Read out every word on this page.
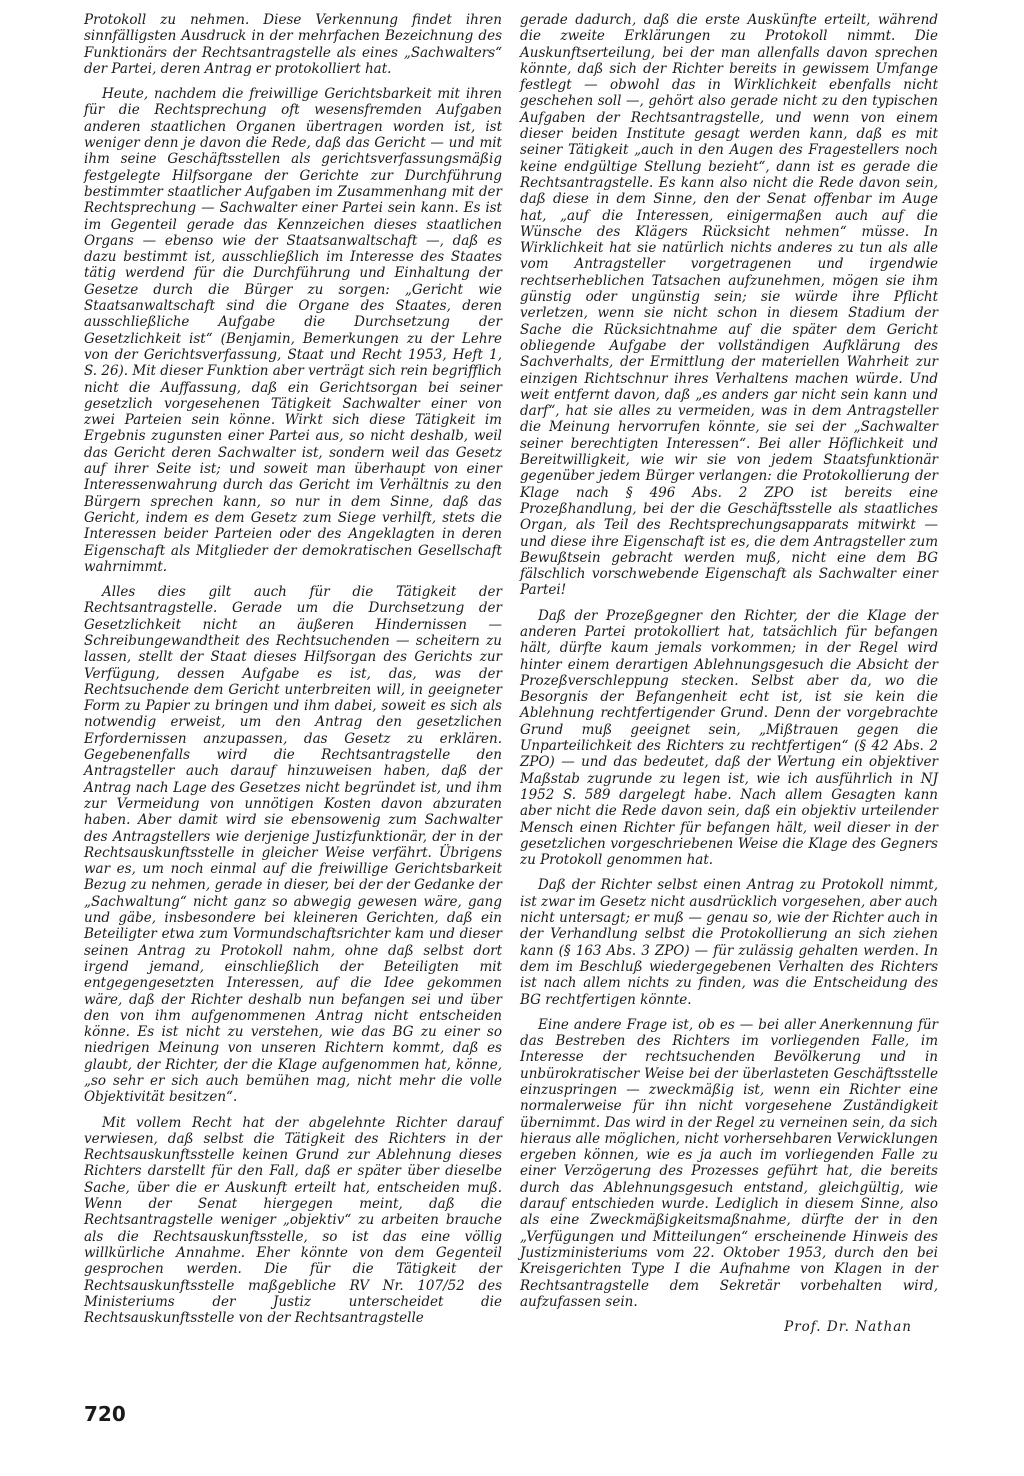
Protokoll zu nehmen. Diese Verkennung findet ihren sinnfälligsten Ausdruck in der mehrfachen Bezeichnung des Funktionärs der Rechtsantragstelle als eines „Sachwalters“ der Partei, deren Antrag er protokolliert hat.

Heute, nachdem die freiwillige Gerichtsbarkeit mit ihren für die Rechtsprechung oft wesensfremden Aufgaben anderen staatlichen Organen übertragen worden ist, ist weniger denn je davon die Rede, daß das Gericht — und mit ihm seine Geschäftsstellen als gerichtsverfassungsmäßig festgelegte Hilfsorgane der Gerichte zur Durchführung bestimmter staatlicher Aufgaben im Zusammenhang mit der Rechtsprechung — Sachwalter einer Partei sein kann. Es ist im Gegenteil gerade das Kennzeichen dieses staatlichen Organs — ebenso wie der Staatsanwaltschaft —, daß es dazu bestimmt ist, ausschließlich im Interesse des Staates tätig werdend für die Durchführung und Einhaltung der Gesetze durch die Bürger zu sorgen: „Gericht wie Staatsanwaltschaft sind die Organe des Staates, deren ausschließliche Aufgabe die Durchsetzung der Gesetzlichkeit ist“ (Benjamin, Bemerkungen zu der Lehre von der Gerichtsverfassung, Staat und Recht 1953, Heft 1, S. 26). Mit dieser Funktion aber verträgt sich rein begrifflich nicht die Auffassung, daß ein Gerichtsorgan bei seiner gesetzlich vorgesehenen Tätigkeit Sachwalter einer von zwei Parteien sein könne. Wirkt sich diese Tätigkeit im Ergebnis zugunsten einer Partei aus, so nicht deshalb, weil das Gericht deren Sachwalter ist, sondern weil das Gesetz auf ihrer Seite ist; und soweit man überhaupt von einer Interessenwahrung durch das Gericht im Verhältnis zu den Bürgern sprechen kann, so nur in dem Sinne, daß das Gericht, indem es dem Gesetz zum Siege verhilft, stets die Interessen beider Parteien oder des Angeklagten in deren Eigenschaft als Mitglieder der demokratischen Gesellschaft wahrnimmt.

Alles dies gilt auch für die Tätigkeit der Rechtsantragstelle. Gerade um die Durchsetzung der Gesetzlichkeit nicht an äußeren Hindernissen — Schreibungewandtheit des Rechtsuchenden — scheitern zu lassen, stellt der Staat dieses Hilfsorgan des Gerichts zur Verfügung, dessen Aufgabe es ist, das, was der Rechtsuchende dem Gericht unterbreiten will, in geeigneter Form zu Papier zu bringen und ihm dabei, soweit es sich als notwendig erweist, um den Antrag den gesetzlichen Erfordernissen anzupassen, das Gesetz zu erklären. Gegebenenfalls wird die Rechtsantragstelle den Antragsteller auch darauf hinzuweisen haben, daß der Antrag nach Lage des Gesetzes nicht begründet ist, und ihm zur Vermeidung von unnötigen Kosten davon abzuraten haben. Aber damit wird sie ebensowenig zum Sachwalter des Antragstellers wie derjenige Justizfunktionär, der in der Rechtsauskunftsstelle in gleicher Weise verfährt. Übrigens war es, um noch einmal auf die freiwillige Gerichtsbarkeit Bezug zu nehmen, gerade in dieser, bei der der Gedanke der „Sachwaltung“ nicht ganz so abwegig gewesen wäre, gang und gäbe, insbesondere bei kleineren Gerichten, daß ein Beteiligter etwa zum Vormundschaftsrichter kam und dieser seinen Antrag zu Protokoll nahm, ohne daß selbst dort irgend jemand, einschließlich der Beteiligten mit entgegengesetzten Interessen, auf die Idee gekommen wäre, daß der Richter deshalb nun befangen sei und über den von ihm aufgenommenen Antrag nicht entscheiden könne. Es ist nicht zu verstehen, wie das BG zu einer so niedrigen Meinung von unseren Richtern kommt, daß es glaubt, der Richter, der die Klage aufgenommen hat, könne, „so sehr er sich auch bemühen mag, nicht mehr die volle Objektivität besitzen“.

Mit vollem Recht hat der abgelehnte Richter darauf verwiesen, daß selbst die Tätigkeit des Richters in der Rechtsauskunftsstelle keinen Grund zur Ablehnung dieses Richters darstellt für den Fall, daß er später über dieselbe Sache, über die er Auskunft erteilt hat, entscheiden muß. Wenn der Senat hiergegen meint, daß die Rechtsantragstelle weniger „objektiv“ zu arbeiten brauche als die Rechtsauskunftsstelle, so ist das eine völlig willkürliche Annahme. Eher könnte von dem Gegenteil gesprochen werden. Die für die Tätigkeit der Rechtsauskunftsstelle maßgebliche RV Nr. 107/52 des Ministeriums der Justiz unterscheidet die Rechtsauskunftsstelle von der Rechtsantragstelle

gerade dadurch, daß die erste Auskünfte erteilt, während die zweite Erklärungen zu Protokoll nimmt. Die Auskunftserteilung, bei der man allenfalls davon sprechen könnte, daß sich der Richter bereits in gewissem Umfange festlegt — obwohl das in Wirklichkeit ebenfalls nicht geschehen soll —, gehört also gerade nicht zu den typischen Aufgaben der Rechtsantragstelle, und wenn von einem dieser beiden Institute gesagt werden kann, daß es mit seiner Tätigkeit „auch in den Augen des Fragestellers noch keine endgültige Stellung bezieht“, dann ist es gerade die Rechtsantragstelle. Es kann also nicht die Rede davon sein, daß diese in dem Sinne, den der Senat offenbar im Auge hat, „auf die Interessen, einigermaßen auch auf die Wünsche des Klägers Rücksicht nehmen“ müsse. In Wirklichkeit hat sie natürlich nichts anderes zu tun als alle vom Antragsteller vorgetragenen und irgendwie rechtserheblichen Tatsachen aufzunehmen, mögen sie ihm günstig oder ungünstig sein; sie würde ihre Pflicht verletzen, wenn sie nicht schon in diesem Stadium der Sache die Rücksichtnahme auf die später dem Gericht obliegende Aufgabe der vollständigen Aufklärung des Sachverhalts, der Ermittlung der materiellen Wahrheit zur einzigen Richtschnur ihres Verhaltens machen würde. Und weit entfernt davon, daß „es anders gar nicht sein kann und darf“, hat sie alles zu vermeiden, was in dem Antragsteller die Meinung hervorrufen könnte, sie sei der „Sachwalter seiner berechtigten Interessen“. Bei aller Höflichkeit und Bereitwilligkeit, wie wir sie von jedem Staatsfunktionär gegenüber jedem Bürger verlangen: die Protokollierung der Klage nach § 496 Abs. 2 ZPO ist bereits eine Prozeßhandlung, bei der die Geschäftsstelle als staatliches Organ, als Teil des Rechtsprechungsapparats mitwirkt — und diese ihre Eigenschaft ist es, die dem Antragsteller zum Bewußtsein gebracht werden muß, nicht eine dem BG fälschlich vorschwebende Eigenschaft als Sachwalter einer Partei!

Daß der Prozeßgegner den Richter, der die Klage der anderen Partei protokolliert hat, tatsächlich für befangen hält, dürfte kaum jemals vorkommen; in der Regel wird hinter einem derartigen Ablehnungsgesuch die Absicht der Prozeßverschleppung stecken. Selbst aber da, wo die Besorgnis der Befangenheit echt ist, ist sie kein die Ablehnung rechtfertigender Grund. Denn der vorgebrachte Grund muß geeignet sein, „Mißtrauen gegen die Unparteilichkeit des Richters zu rechtfertigen“ (§ 42 Abs. 2 ZPO) — und das bedeutet, daß der Wertung ein objektiver Maßstab zugrunde zu legen ist, wie ich ausführlich in NJ 1952 S. 589 dargelegt habe. Nach allem Gesagten kann aber nicht die Rede davon sein, daß ein objektiv urteilender Mensch einen Richter für befangen hält, weil dieser in der gesetzlichen vorgeschriebenen Weise die Klage des Gegners zu Protokoll genommen hat.

Daß der Richter selbst einen Antrag zu Protokoll nimmt, ist zwar im Gesetz nicht ausdrücklich vorgesehen, aber auch nicht untersagt; er muß — genau so, wie der Richter auch in der Verhandlung selbst die Protokollierung an sich ziehen kann (§ 163 Abs. 3 ZPO) — für zulässig gehalten werden. In dem im Beschluß wiedergegebenen Verhalten des Richters ist nach allem nichts zu finden, was die Entscheidung des BG rechtfertigen könnte.

Eine andere Frage ist, ob es — bei aller Anerkennung für das Bestreben des Richters im vorliegenden Falle, im Interesse der rechtsuchenden Bevölkerung und in unbürokratischer Weise bei der überlasteten Geschäftsstelle einzuspringen — zweckmäßig ist, wenn ein Richter eine normalerweise für ihn nicht vorgesehene Zuständigkeit übernimmt. Das wird in der Regel zu verneinen sein, da sich hieraus alle möglichen, nicht vorhersehbaren Verwicklungen ergeben können, wie es ja auch im vorliegenden Falle zu einer Verzögerung des Prozesses geführt hat, die bereits durch das Ablehnungsgesuch entstand, gleichgültig, wie darauf entschieden wurde. Lediglich in diesem Sinne, also als eine Zweckmäßigkeitsmaßnahme, dürfte der in den „Verfügungen und Mitteilungen“ erscheinende Hinweis des Justizministeriums vom 22. Oktober 1953, durch den bei Kreisgerichten Type I die Aufnahme von Klagen in der Rechtsantragstelle dem Sekretär vorbehalten wird, aufzufassen sein.

Prof. Dr. Nathan
720
